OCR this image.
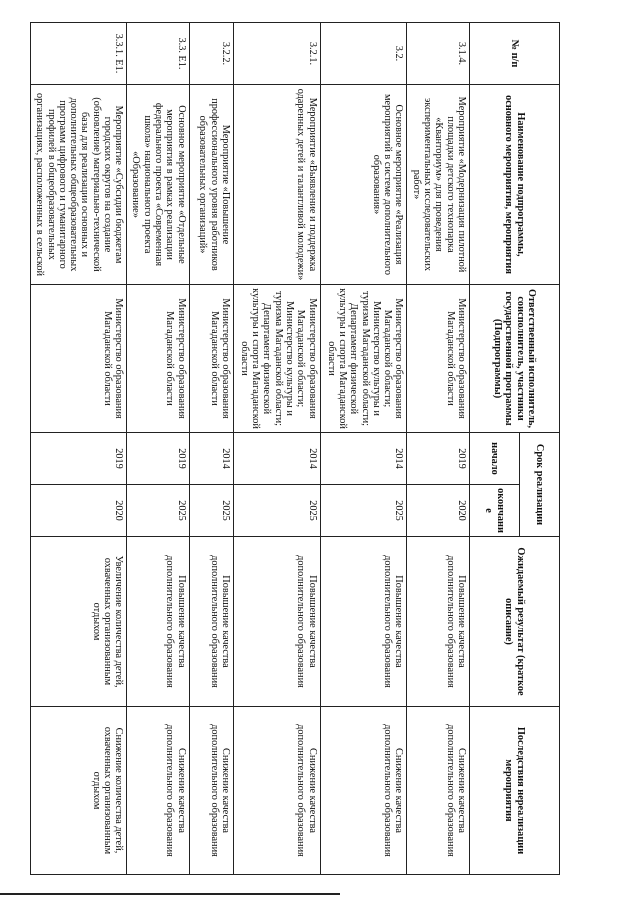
№ п/п	Наименование подпрограммы, основного мероприятия, мероприятия	Ответственный исполнитель, соисполнитель, участники государственной программы (Подпрограммы)	Срок реализации		Ожидаемый результат (краткое описание)	Последствия нереализации мероприятия
			начало	окончание		
3.1.4.	Мероприятие «Модернизация пилотной площадки детского технопарка «Кванториум» для проведения экспериментальных исследовательских работ»	Министерство образования Магаданской области	2019	2020	Повышение качества дополнительного образования	Снижение качества дополнительного образования
3.2.	Основное мероприятие «Реализация мероприятий в системе дополнительного образования»	Министерство образования Магаданской области; Министерство культуры и туризма Магаданской области; Департамент физической культуры и спорта Магаданской области	2014	2025	Повышение качества дополнительного образования	Снижение качества дополнительного образования
3.2.1.	Мероприятие «Выявление и поддержка одаренных детей и талантливой молодежи»	Министерство образования Магаданской области; Министерство культуры и туризма Магаданской области; Департамент физической культуры и спорта Магаданской области	2014	2025	Повышение качества дополнительного образования	Снижение качества дополнительного образования
3.2.2.	Мероприятие «Повышение профессионального уровня работников образовательных организаций»	Министерство образования Магаданской области	2014	2025	Повышение качества дополнительного образования	Снижение качества дополнительного образования
3.3. Е1.	Основное мероприятие «Отдельные мероприятия в рамках реализации федерального проекта «Современная школа» национального проекта «Образование»	Министерство образования Магаданской области	2019	2025	Повышение качества дополнительного образования	Снижение качества дополнительного образования
3.3.1. Е1.	Мероприятие «Субсидии бюджетам городских округов на создание (обновление) материально-технической базы для реализации основных и дополнительных общеобразовательных программ цифрового и гуманитарного профилей в общеобразовательных организациях, расположенных в сельской	Министерство образования Магаданской области	2019	2020	Увеличение количества детей, охваченных организованным отдыхом	Снижение количества детей, охваченных организованным отдыхом
